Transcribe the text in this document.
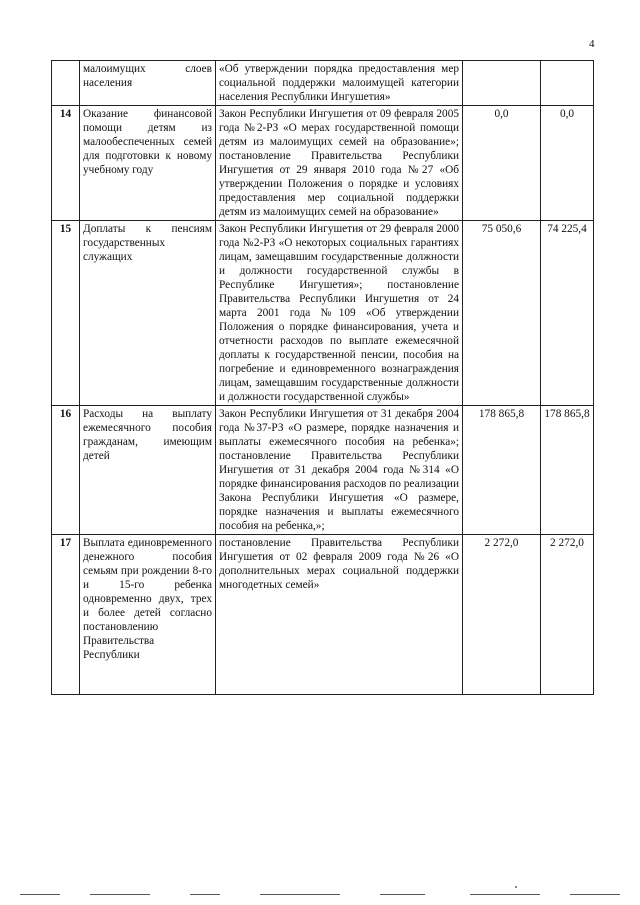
4
	малоимущих слоев населения	«Об утверждении порядка предоставления мер социальной поддержки малоимущей категории населения Республики Ингушетия»		
14	Оказание финансовой помощи детям из малообеспеченных семей для подготовки к новому учебному году	Закон Республики Ингушетия от 09 февраля 2005 года №2-РЗ «О мерах государственной помощи детям из малоимущих семей на образование»; постановление Правительства Республики Ингушетия от 29 января 2010 года №27 «Об утверждении Положения о порядке и условиях предоставления мер социальной поддержки детям из малоимущих семей на образование»	0,0	0,0
15	Доплаты к пенсиям государственных служащих	Закон Республики Ингушетия от 29 февраля 2000 года №2-РЗ «О некоторых социальных гарантиях лицам, замещавшим государственные должности и должности государственной службы в Республике Ингушетия»; постановление Правительства Республики Ингушетия от 24 марта 2001 года №109 «Об утверждении Положения о порядке финансирования, учета и отчетности расходов по выплате ежемесячной доплаты к государственной пенсии, пособия на погребение и единовременного вознаграждения лицам, замещавшим государственные должности и должности государственной службы»	75 050,6	74 225,4
16	Расходы на выплату ежемесячного пособия гражданам, имеющим детей	Закон Республики Ингушетия от 31 декабря 2004 года №37-РЗ «О размере, порядке назначения и выплаты ежемесячного пособия на ребенка»; постановление Правительства Республики Ингушетия от 31 декабря 2004 года №314 «О порядке финансирования расходов по реализации Закона Республики Ингушетия «О размере, порядке назначения и выплаты ежемесячного пособия на ребенка,»;	178 865,8	178 865,8
17	Выплата единовременного денежного пособия семьям при рождении 8-го и 15-го ребенка одновременно двух, трех и более детей согласно постановлению Правительства Республики	постановление Правительства Республики Ингушетия от 02 февраля 2009 года №26 «О дополнительных мерах социальной поддержки многодетных семей»	2 272,0	2 272,0
